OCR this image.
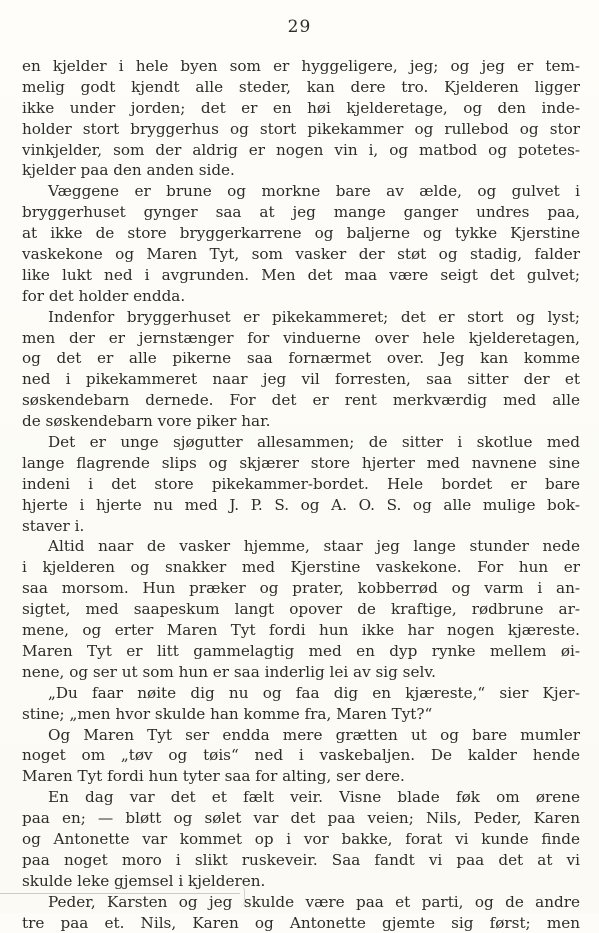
29
en kjelder i hele byen som er hyggeligere, jeg; og jeg er tem-
melig godt kjendt alle steder, kan dere tro. Kjelderen ligger
ikke under jorden; det er en høi kjelderetage, og den inde-
holder stort bryggerhus og stort pikekammer og rullebod og stor
vinkjelder, som der aldrig er nogen vin i, og matbod og potetes-
kjelder paa den anden side.
Væggene er brune og morkne bare av ælde, og gulvet i
bryggerhuset gynger saa at jeg mange ganger undres paa,
at ikke de store bryggerkarrene og baljerne og tykke Kjerstine
vaskekone og Maren Tyt, som vasker der støt og stadig, falder
like lukt ned i avgrunden. Men det maa være seigt det gulvet;
for det holder endda.
Indenfor bryggerhuset er pikekammeret; det er stort og lyst;
men der er jernstænger for vinduerne over hele kjelderetagen,
og det er alle pikerne saa fornærmet over. Jeg kan komme
ned i pikekammeret naar jeg vil forresten, saa sitter der et
søskendebarn dernede. For det er rent merkværdig med alle
de søskendebarn vore piker har.
Det er unge sjøgutter allesammen; de sitter i skotlue med
lange flagrende slips og skjærer store hjerter med navnene sine
indeni i det store pikekammer-bordet. Hele bordet er bare
hjerte i hjerte nu med J. P. S. og A. O. S. og alle mulige bok-
staver i.
Altid naar de vasker hjemme, staar jeg lange stunder nede
i kjelderen og snakker med Kjerstine vaskekone. For hun er
saa morsom. Hun præker og prater, kobberrød og varm i an-
sigtet, med saapeskum langt opover de kraftige, rødbrune ar-
mene, og erter Maren Tyt fordi hun ikke har nogen kjæreste.
Maren Tyt er litt gammelagtig med en dyp rynke mellem øi-
nene, og ser ut som hun er saa inderlig lei av sig selv.
„Du faar nøite dig nu og faa dig en kjæreste,“ sier Kjer-
stine; „men hvor skulde han komme fra, Maren Tyt?“
Og Maren Tyt ser endda mere grætten ut og bare mumler
noget om „tøv og tøis“ ned i vaskebaljen. De kalder hende
Maren Tyt fordi hun tyter saa for alting, ser dere.
En dag var det et fælt veir. Visne blade føk om ørene
paa en; — bløtt og sølet var det paa veien; Nils, Peder, Karen
og Antonette var kommet op i vor bakke, forat vi kunde finde
paa noget moro i slikt ruskeveir. Saa fandt vi paa det at vi
skulde leke gjemsel i kjelderen.
Peder, Karsten og jeg skulde være paa et parti, og de andre
tre paa et. Nils, Karen og Antonette gjemte sig først; men
